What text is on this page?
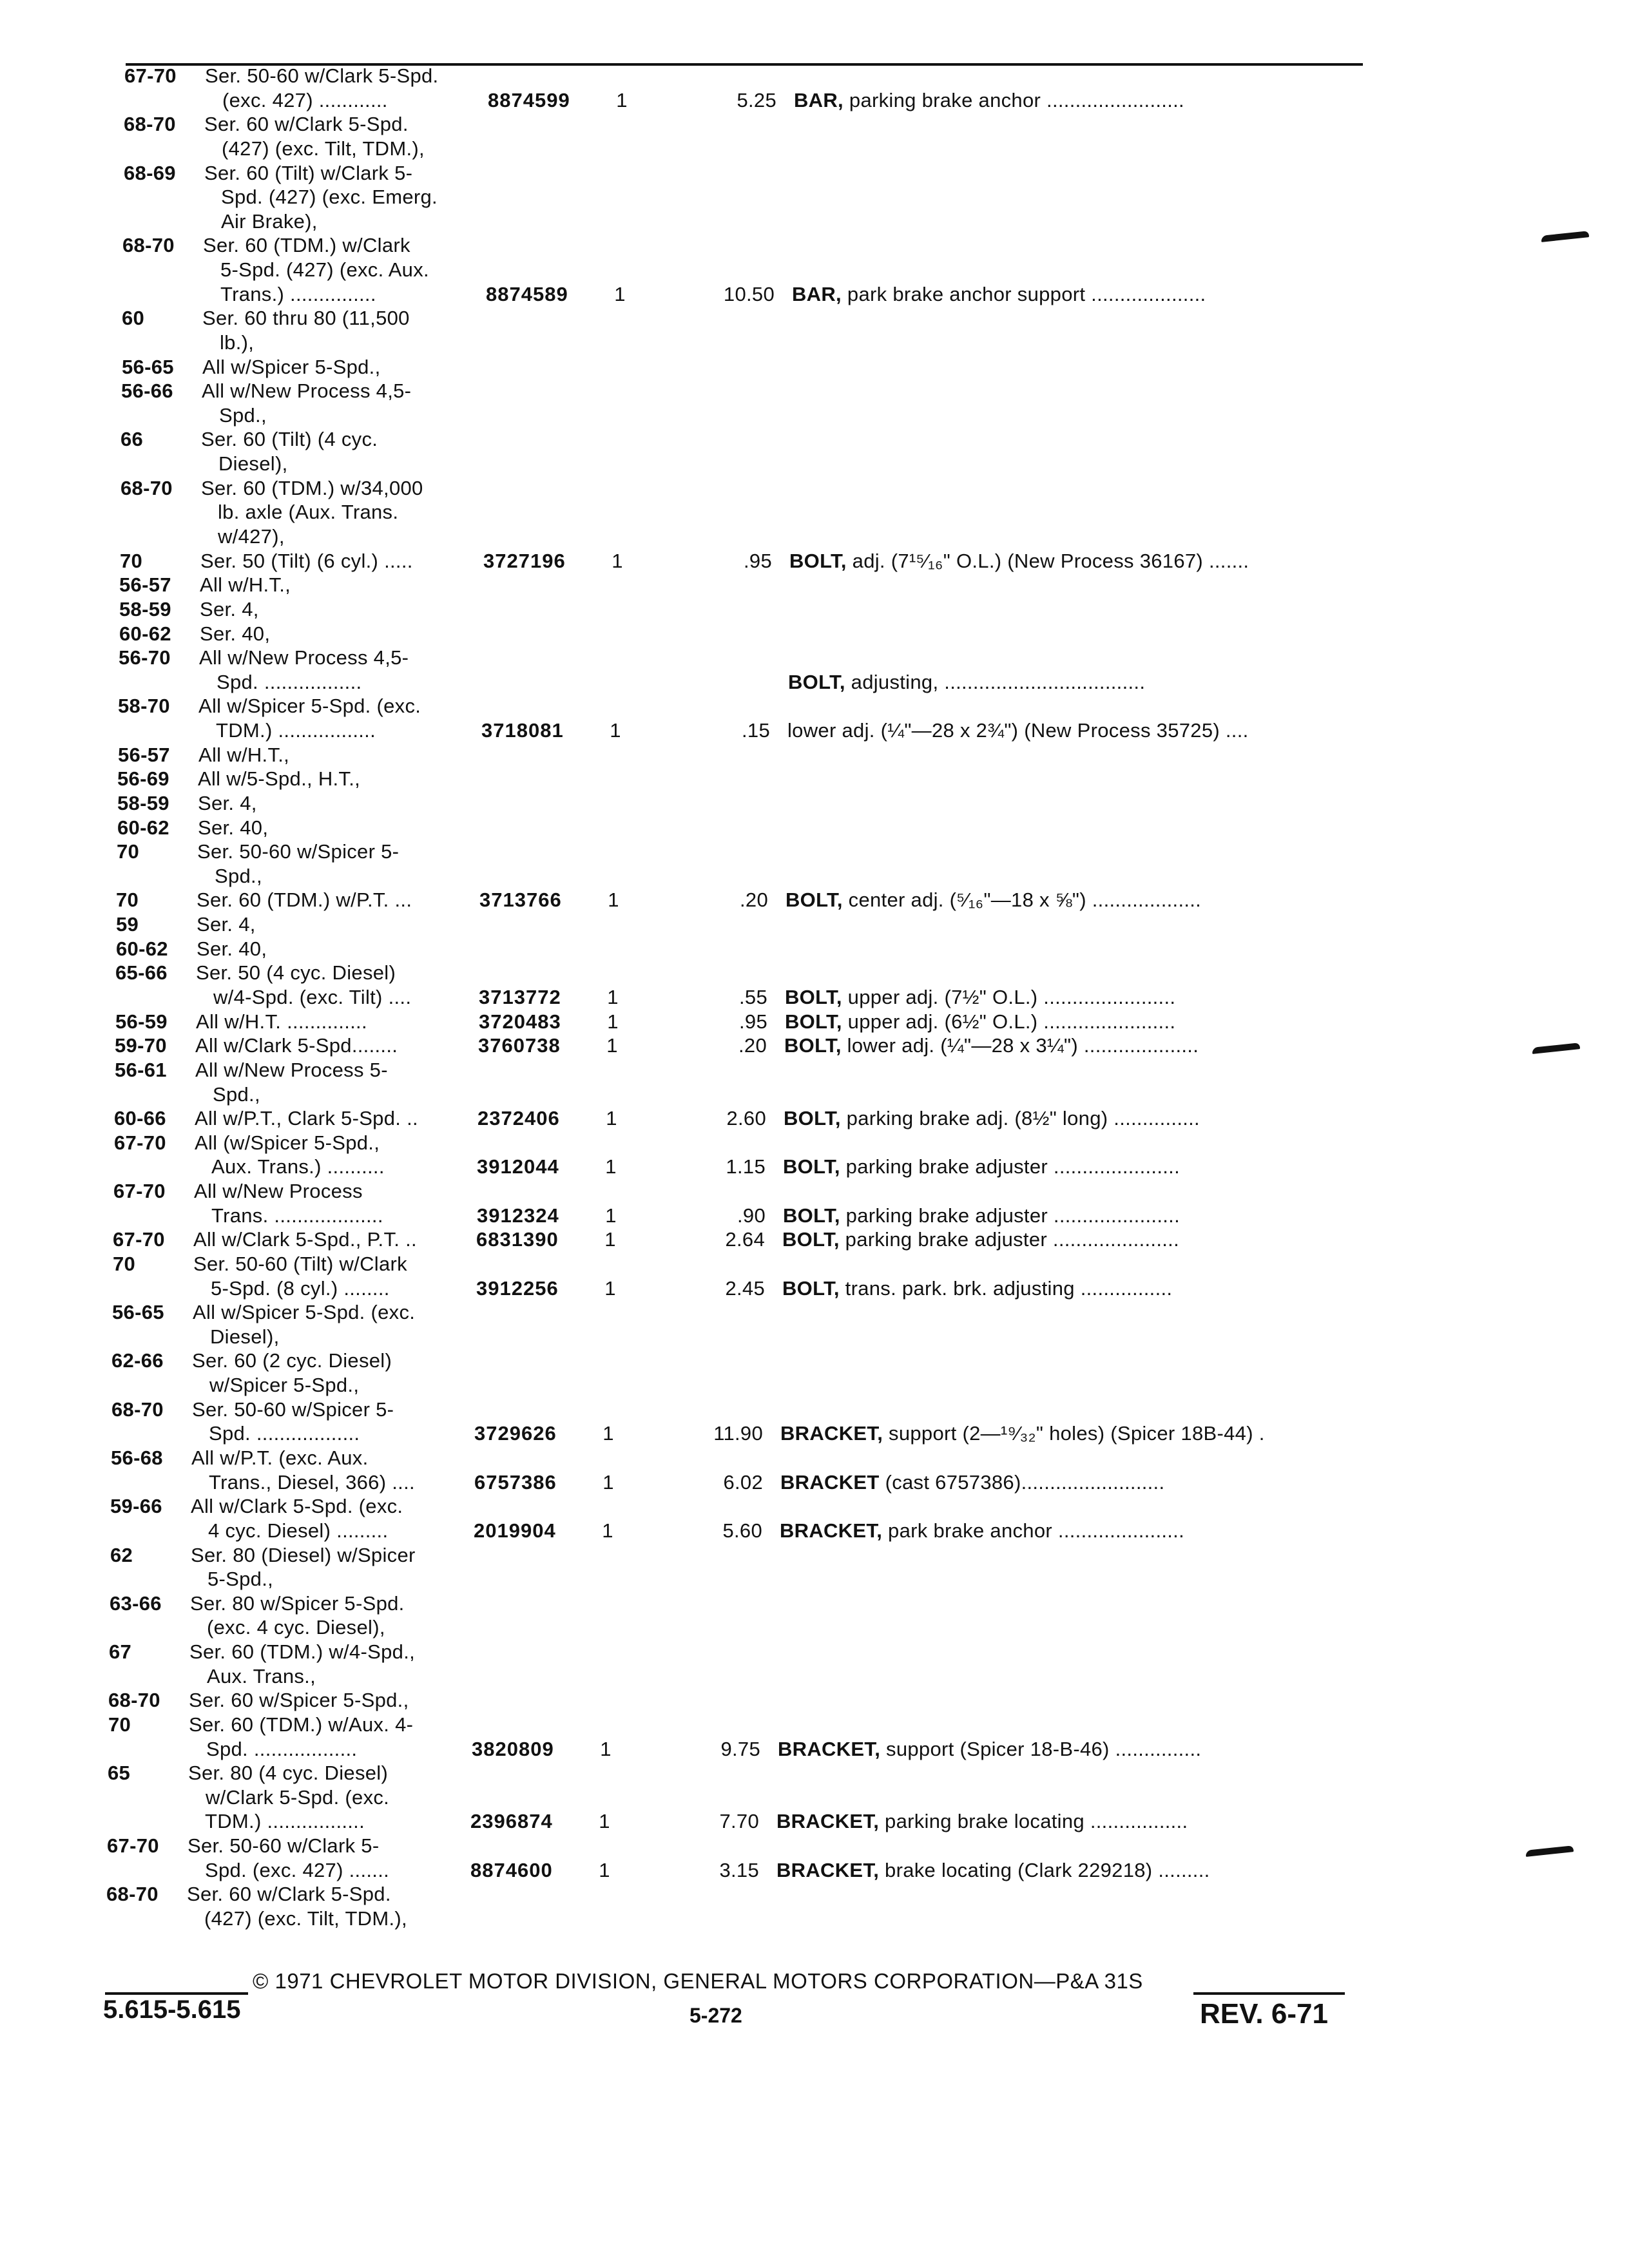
67-70 Ser. 50-60 w/Clark 5-Spd.
(exc. 427) ............	8874599 1	5.25 BAR, parking brake anchor ........................
68-70 Ser. 60 w/Clark 5-Spd.
(427) (exc. Tilt, TDM.),
68-69 Ser. 60 (Tilt) w/Clark 5-
Spd. (427) (exc. Emerg.
Air Brake),
68-70 Ser. 60 (TDM.) w/Clark
5-Spd. (427) (exc. Aux.
Trans.) ...............	8874589 1	10.50 BAR, park brake anchor support ....................
60	Ser. 60 thru 80 (11,500
lb.),
56-65 All w/Spicer 5-Spd.,
56-66 All w/New Process 4,5-
Spd.,
66	Ser. 60 (Tilt) (4 cyc.
Diesel),
68-70 Ser. 60 (TDM.) w/34,000
lb. axle (Aux. Trans.
w/427),
70	Ser. 50 (Tilt) (6 cyl.) .....	3727196 1	.95 BOLT, adj. (7¹⁵⁄₁₆" O.L.) (New Process 36167) .......
56-57 All w/H.T.,
58-59 Ser. 4,
60-62 Ser. 40,
56-70 All w/New Process 4,5-
Spd. .................	BOLT, adjusting, ...................................
58-70 All w/Spicer 5-Spd. (exc.
TDM.) .................	3718081 1	.15 lower adj. (¼"—28 x 2¾") (New Process 35725) ....
56-57 All w/H.T.,
56-69 All w/5-Spd., H.T.,
58-59 Ser. 4,
60-62 Ser. 40,
70	Ser. 50-60 w/Spicer 5-
Spd.,
70	Ser. 60 (TDM.) w/P.T. ...	3713766 1	.20 BOLT, center adj. (⁵⁄₁₆"—18 x ⅝") ...................
59	Ser. 4,
60-62 Ser. 40,
65-66 Ser. 50 (4 cyc. Diesel)
w/4-Spd. (exc. Tilt) ....	3713772 1	.55 BOLT, upper adj. (7½" O.L.) .......................
56-59 All w/H.T. ..............	3720483 1	.95 BOLT, upper adj. (6½" O.L.) .......................
59-70 All w/Clark 5-Spd........	3760738 1	.20 BOLT, lower adj. (¼"—28 x 3¼") ....................
56-61 All w/New Process 5-
Spd.,
60-66 All w/P.T., Clark 5-Spd. ..	2372406 1	2.60 BOLT, parking brake adj. (8½" long) ...............
67-70 All (w/Spicer 5-Spd.,
Aux. Trans.) ..........	3912044 1	1.15 BOLT, parking brake adjuster ......................
67-70 All w/New Process
Trans. ...................	3912324 1	.90 BOLT, parking brake adjuster ......................
67-70 All w/Clark 5-Spd., P.T. ..	6831390 1	2.64 BOLT, parking brake adjuster ......................
70	Ser. 50-60 (Tilt) w/Clark
5-Spd. (8 cyl.) ........	3912256 1	2.45 BOLT, trans. park. brk. adjusting ................
56-65 All w/Spicer 5-Spd. (exc.
Diesel),
62-66 Ser. 60 (2 cyc. Diesel)
w/Spicer 5-Spd.,
68-70 Ser. 50-60 w/Spicer 5-
Spd. ..................	3729626 1	11.90 BRACKET, support (2—¹⁹⁄₃₂" holes) (Spicer 18B-44) .
56-68 All w/P.T. (exc. Aux.
Trans., Diesel, 366) ....	6757386 1	6.02 BRACKET (cast 6757386).........................
59-66 All w/Clark 5-Spd. (exc.
4 cyc. Diesel) .........	2019904 1	5.60 BRACKET, park brake anchor ......................
62	Ser. 80 (Diesel) w/Spicer
5-Spd.,
63-66 Ser. 80 w/Spicer 5-Spd.
(exc. 4 cyc. Diesel),
67	Ser. 60 (TDM.) w/4-Spd.,
Aux. Trans.,
68-70 Ser. 60 w/Spicer 5-Spd.,
70	Ser. 60 (TDM.) w/Aux. 4-
Spd. ..................	3820809 1	9.75 BRACKET, support (Spicer 18-B-46) ...............
65	Ser. 80 (4 cyc. Diesel)
w/Clark 5-Spd. (exc.
TDM.) .................	2396874 1	7.70 BRACKET, parking brake locating .................
67-70 Ser. 50-60 w/Clark 5-
Spd. (exc. 427) .......	8874600 1	3.15 BRACKET, brake locating (Clark 229218) .........
68-70 Ser. 60 w/Clark 5-Spd.
(427) (exc. Tilt, TDM.),
© 1971 CHEVROLET MOTOR DIVISION, GENERAL MOTORS CORPORATION—P&A 31S
5.615-5.615	5-272	REV. 6-71
